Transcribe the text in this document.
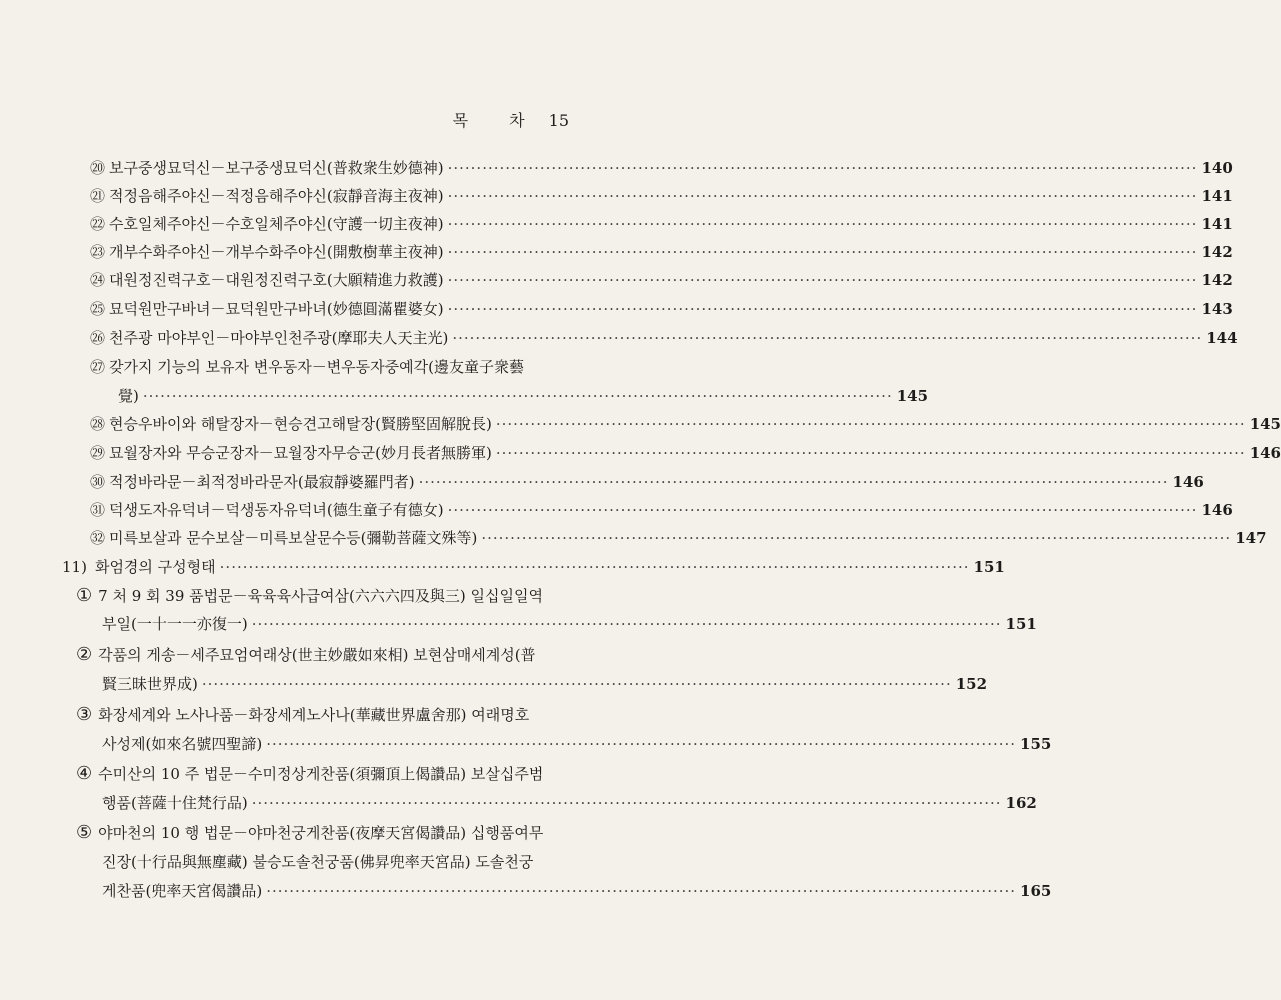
목 차 15
⑳ 보구중생묘덕신－보구중생묘덕신(普救衆生妙德神) ·····	140
㉑ 적정음해주야신－적정음해주야신(寂靜音海主夜神) ·····	141
㉒ 수호일체주야신－수호일체주야신(守護一切主夜神) ·····	141
㉓ 개부수화주야신－개부수화주야신(開敷樹華主夜神) ·····	142
㉔ 대원정진력구호－대원정진력구호(大願精進力救護) ·····	142
㉕ 묘덕원만구바녀－묘덕원만구바녀(妙德圓滿瞿婆女) ·····	143
㉖ 천주광 마야부인－마야부인천주광(摩耶夫人天主光) ·····	144
㉗ 갖가지 기능의 보유자 변우동자－변우동자중예각(邊友童子衆藝
覺) ·····	145
㉘ 현승우바이와 해탈장자－현승견고해탈장(賢勝堅固解脫長) ·····	145
㉙ 묘월장자와 무승군장자－묘월장자무승군(妙月長者無勝軍) ·····	146
㉚ 적정바라문－최적정바라문자(最寂靜婆羅門者) ·····	146
㉛ 덕생도자유덕녀－덕생동자유덕녀(德生童子有德女) ·····	146
㉜ 미륵보살과 문수보살－미륵보살문수등(彌勒菩薩文殊等) ·····	147
11) 화엄경의 구성형태 ·····	151
① 7 처 9 회 39 품법문－육육육사급여삼(六六六四及與三) 일십일일역
부일(一十一一亦復一) ·····	151
② 각품의 게송－세주묘엄여래상(世主妙嚴如來相) 보현삼매세계성(普
賢三昧世界成) ·····	152
③ 화장세계와 노사나품－화장세계노사나(華藏世界盧舍那) 여래명호
사성제(如來名號四聖諦) ·····	155
④ 수미산의 10 주 법문－수미정상게찬품(須彌頂上偈讚品) 보살십주범
행품(菩薩十住梵行品) ·····	162
⑤ 야마천의 10 행 법문－야마천궁게찬품(夜摩天宮偈讚品) 십행품여무
진장(十行品與無塵藏) 불승도솔천궁품(佛昇兜率天宮品) 도솔천궁
게찬품(兜率天宮偈讚品) ·····	165
